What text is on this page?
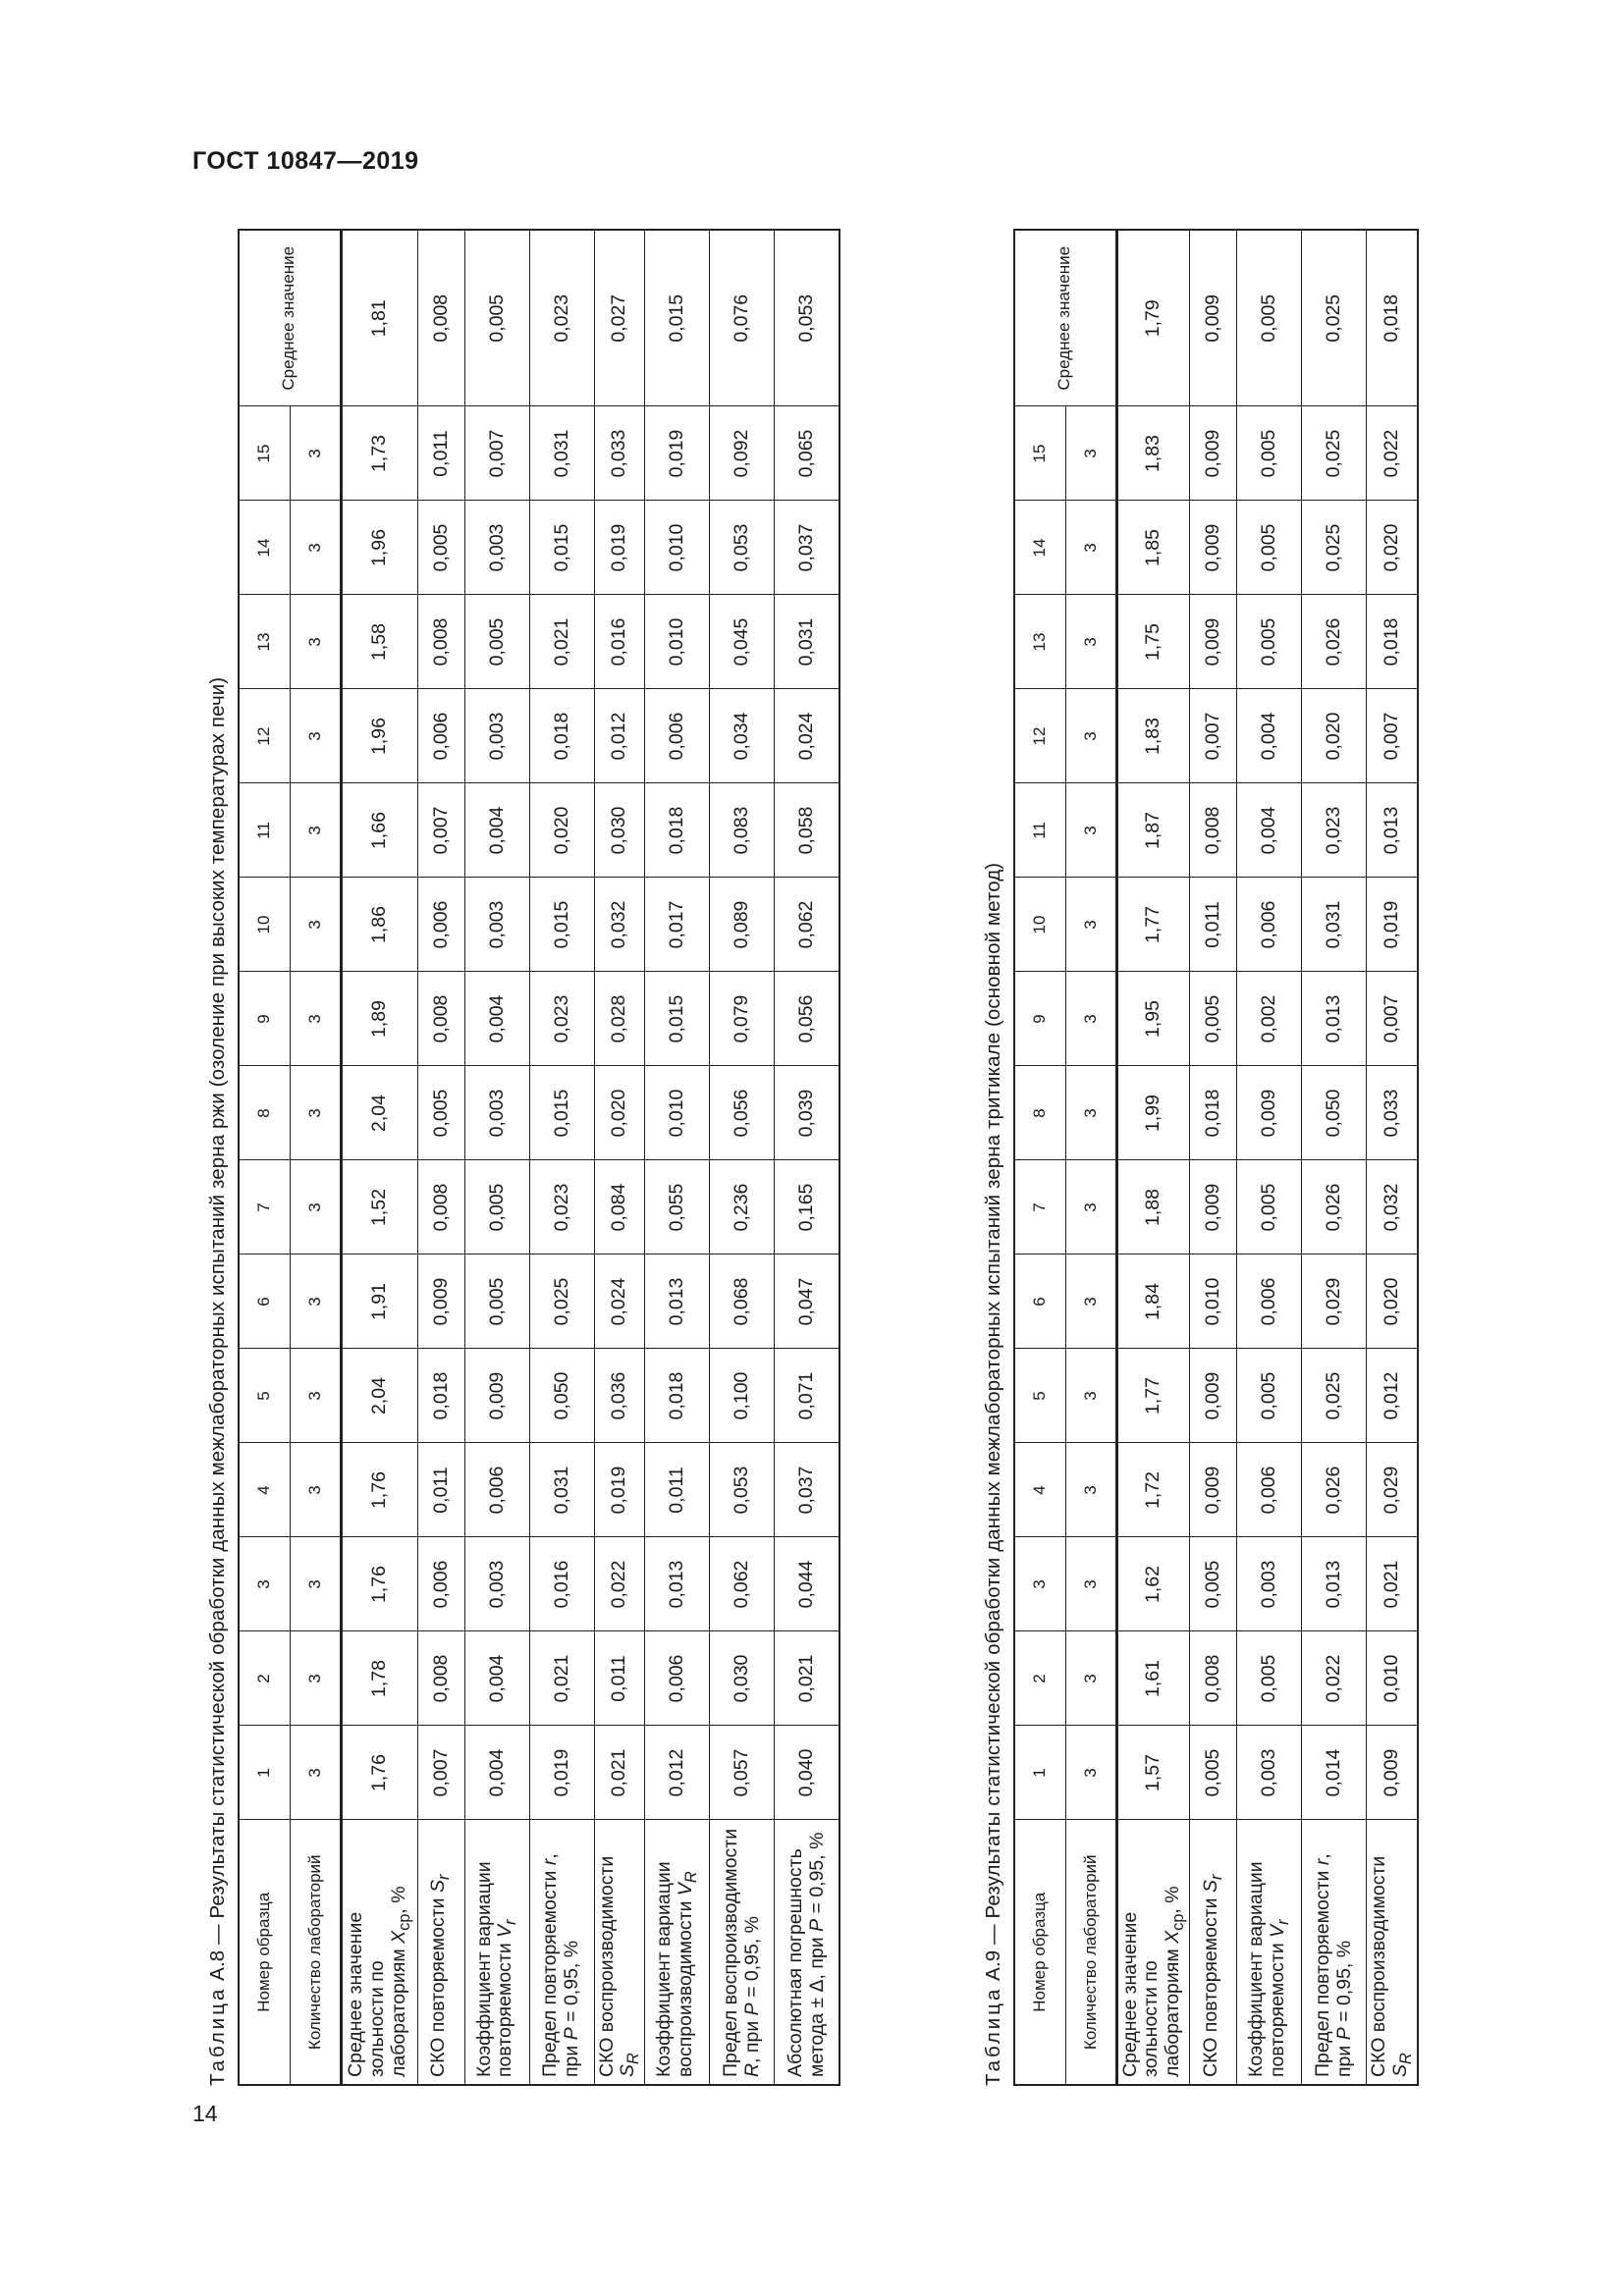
ГОСТ 10847—2019
14
Таблица А.8 — Результаты статистической обработки данных межлабораторных испытаний зерна ржи (озоление при высоких температурах печи) Номер образца	1	2	3	4	5	6	7	8	9	10	11	12	13	14	15	Среднее значение
Количество лабораторий	3	3	3	3	3	3	3	3	3	3	3	3	3	3	3	
Среднее значение зольности по лабораториям $X_{ср}$, %	1,76	1,78	1,76	1,76	2,04	1,91	1,52	2,04	1,89	1,86	1,66	1,96	1,58	1,96	1,73	1,81
СКО повторяемости $S_r$	0,007	0,008	0,006	0,011	0,018	0,009	0,008	0,005	0,008	0,006	0,007	0,006	0,008	0,005	0,011	0,008
Коэффициент вариации повторяемости $V_r$	0,004	0,004	0,003	0,006	0,009	0,005	0,005	0,003	0,004	0,003	0,004	0,003	0,005	0,003	0,007	0,005
Предел повторяемости r, при P = 0,95, %	0,019	0,021	0,016	0,031	0,050	0,025	0,023	0,015	0,023	0,015	0,020	0,018	0,021	0,015	0,031	0,023
СКО воспроизводимости $S_R$	0,021	0,011	0,022	0,019	0,036	0,024	0,084	0,020	0,028	0,032	0,030	0,012	0,016	0,019	0,033	0,027
Коэффициент вариации воспроизводимости $V_R$	0,012	0,006	0,013	0,011	0,018	0,013	0,055	0,010	0,015	0,017	0,018	0,006	0,010	0,010	0,019	0,015
Предел воспроизводимости R, при P = 0,95, %	0,057	0,030	0,062	0,053	0,100	0,068	0,236	0,056	0,079	0,089	0,083	0,034	0,045	0,053	0,092	0,076
Абсолютная погрешность метода ± Δ, при P = 0,95, %	0,040	0,021	0,044	0,037	0,071	0,047	0,165	0,039	0,056	0,062	0,058	0,024	0,031	0,037	0,065	0,053
Таблица А.9 — Результаты статистической обработки данных межлабораторных испытаний зерна тритикале (основной метод) Номер образца	1	2	3	4	5	6	7	8	9	10	11	12	13	14	15	Среднее значение
Количество лабораторий	3	3	3	3	3	3	3	3	3	3	3	3	3	3	3	
Среднее значение зольности по лабораториям $X_{ср}$, %	1,57	1,61	1,62	1,72	1,77	1,84	1,88	1,99	1,95	1,77	1,87	1,83	1,75	1,85	1,83	1,79
СКО повторяемости $S_r$	0,005	0,008	0,005	0,009	0,009	0,010	0,009	0,018	0,005	0,011	0,008	0,007	0,009	0,009	0,009	0,009
Коэффициент вариации повторяемости $V_r$	0,003	0,005	0,003	0,006	0,005	0,006	0,005	0,009	0,002	0,006	0,004	0,004	0,005	0,005	0,005	0,005
Предел повторяемости r, при P = 0,95, %	0,014	0,022	0,013	0,026	0,025	0,029	0,026	0,050	0,013	0,031	0,023	0,020	0,026	0,025	0,025	0,025
СКО воспроизводимости $S_R$	0,009	0,010	0,021	0,029	0,012	0,020	0,032	0,033	0,007	0,019	0,013	0,007	0,018	0,020	0,022	0,018
